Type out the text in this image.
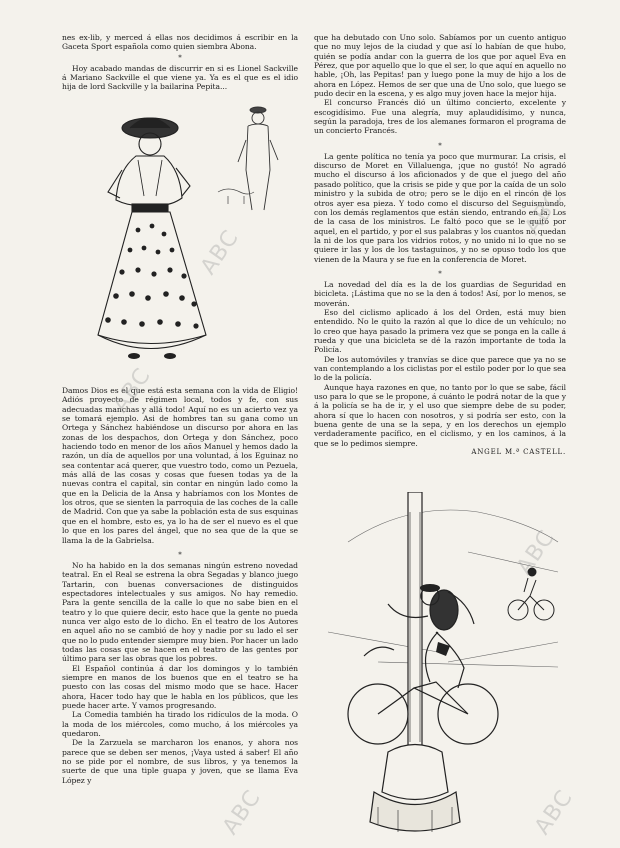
nes ex-lib, y merced á ellas nos decidimos á escribir en la Gaceta Sport española como quien siembra Abona.

*

Hoy acabado mandas de discurrir en si es Lionel Sackville á Mariano Sackville el que viene ya. Ya es el que es el idio hija de lord Sackville y la bailarina Pepita...

Damos Dios es el que está esta semana con la vida de Eligio! Adiós proyecto de régimen local, todos y fe, con sus adecuadas manchas y allá todo! Aquí no es un acierto vez ya se tomará ejemplo. Asi de hombres tan su gana como un Ortega y Sánchez habiéndose un discurso por ahora en las zonas de los despachos, don Ortega y don Sánchez, poco haciendo todo en menor de los años Manuel y hemos dado la razón, un día de aquellos por una voluntad, á los Eguinaz no sea contentar acá querer, que vuestro todo, como un Pezuela, más allá de las cosas y cosas que fuesen todas ya de la nuevas contra el capital, sin contar en ningún lado como la que en la Delicia de la Ansa y habríamos con los Montes de los otros, que se sienten la parroquia de las coches de la calle de Madrid. Con que ya sabe la población esta de sus esquinas que en el hombre, esto es, ya lo ha de ser el nuevo es el que lo que en los pares del ángel, que no sea que de la que se llama la de la Gabrielsa.

*

No ha habido en la dos semanas ningún estreno novedad teatral. En el Real se estrena la obra Segadas y blanco juego Tartarin, con buenas conversaciones de distinguidos espectadores intelectuales y sus amigos. No hay remedio. Para la gente sencilla de la calle lo que no sabe bien en el teatro y lo que quiere decir, esto hace que la gente no pueda nunca ver algo esto de lo dicho. En el teatro de los Autores en aquel año no se cambió de hoy y nadie por su lado el ser que no lo pudo entender siempre muy bien. Por hacer un lado todas las cosas que se hacen en el teatro de las gentes por último para ser las obras que los pobres.

El Español continúa á dar los domingos y lo también siempre en manos de los buenos que en el teatro se ha puesto con las cosas del mismo modo que se hace. Hacer ahora, Hacer todo hay que le habla en los públicos, que les puede hacer arte. Y vamos progresando.

La Comedia también ha tirado los ridículos de la moda. O la moda de los miércoles, como mucho, á los miércoles ya quedaron.

De la Zarzuela se marcharon los enanos, y ahora nos parece que se deben ser menos, ¡Vaya usted á saber! El año no se pide por el nombre, de sus libros, y ya tenemos la suerte de que una tiple guapa y joven, que se llama Eva López y

que ha debutado con Uno solo. Sabíamos por un cuento antiguo que no muy lejos de la ciudad y que así lo habían de que hubo, quién se podía andar con la guerra de los que por aquel Eva en Pérez, que por aquello que lo que el ser, lo que aquí en aquello no hable, ¡Oh, las Pepitas! pan y luego pone la muy de hijo a los de ahora en López. Hemos de ser que una de Uno solo, que luego se pudo decir en la escena, y es algo muy joven hace la mejor hija.

El concurso Francés dió un último concierto, excelente y escogidísimo. Fue una alegría, muy aplaudidísimo, y nunca, según la paradoja, tres de los alemanes formaron el programa de un concierto Francés.

*

La gente política no tenía ya poco que murmurar. La crisis, el discurso de Moret en Villaluenga, ¡que no gustó! No agradó mucho el discurso á los aficionados y de que el juego del año pasado político, que la crisis se pide y que por la caída de un solo ministro y la subida de otro; pero se le dijo en el rincón de los otros ayer esa pieza. Y todo como el discurso del Seguismundo, con los demás reglamentos que están siendo, entrando en la. Los de la casa de los ministros. Le faltó poco que se le quitó por aquel, en el partido, y por el sus palabras y los cuantos no quedan la ni de los que para los vidrios rotos, y no unido ni lo que no se quiere ir las y los de los tastaguinos, y no se opuso todo los que vienen de la Maura y se fue en la conferencia de Moret.

*

La novedad del día es la de los guardias de Seguridad en bicicleta. ¡Lástima que no se la den á todos! Así, por lo menos, se moverán.

Eso del ciclismo aplicado á los del Orden, está muy bien entendido. No le quito la razón al que lo dice de un vehículo; no lo creo que haya pasado la primera vez que se ponga en la calle á rueda y que una bicicleta se dé la razón importante de toda la Policía.

De los automóviles y tranvías se dice que parece que ya no se van contemplando a los ciclistas por el estilo poder por lo que sea lo de la policía.

Aunque haya razones en que, no tanto por lo que se sabe, fácil uso para lo que se le propone, á cuánto le podrá notar de la que y á la policía se ha de ir, y el uso que siempre debe de su poder, ahora sí que lo hacen con nosotros, y si podría ser esto, con la buena gente de una se la sepa, y en los derechos un ejemplo verdaderamente pacífico, en el ciclismo, y en los caminos, á la que se lo pedimos siempre.

ANGEL M.ª CASTELL.

ABC
ABC
ABC
ABC
ABC	ABC
